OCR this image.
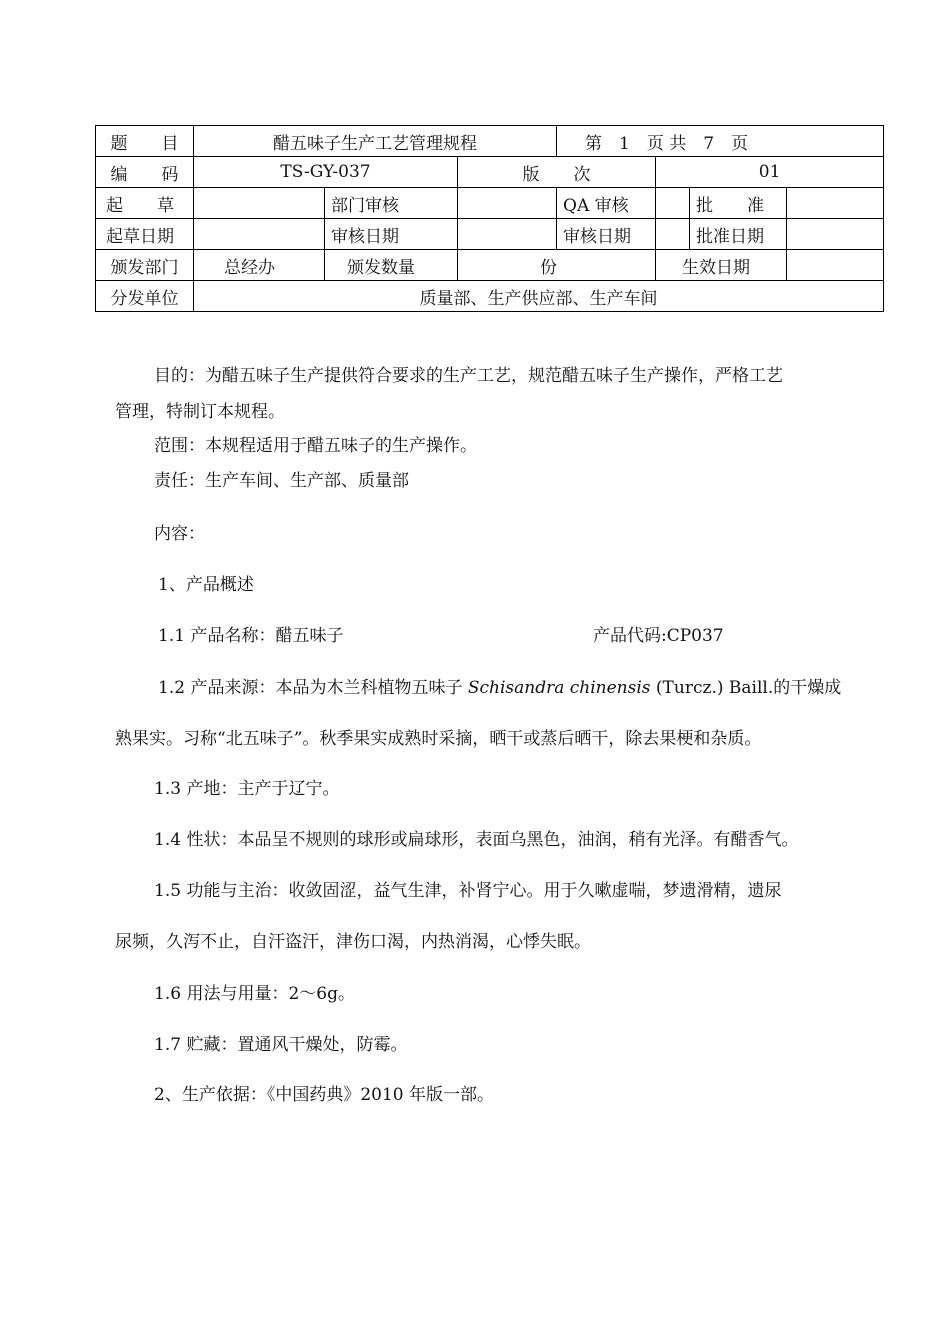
题　　目	醋五味子生产工艺管理规程			第　1　页 共　7　页			
编　　码	TS-GY-037		版　　次		01		
起　　草		部门审核		QA 审核		批　　准	
起草日期		审核日期		审核日期		批准日期	
颁发部门	总经办	颁发数量	份		生效日期		
分发单位	质量部、生产供应部、生产车间						
目的：为醋五味子生产提供符合要求的生产工艺，规范醋五味子生产操作，严格工艺
管理，特制订本规程。
范围：本规程适用于醋五味子的生产操作。
责任：生产车间、生产部、质量部
内容：
1、产品概述
1.1 产品名称：醋五味子	产品代码:CP037
1.2 产品来源：本品为木兰科植物五味子 Schisandra chinensis (Turcz.) Baill.的干燥成
熟果实。习称“北五味子”。秋季果实成熟时采摘，晒干或蒸后晒干，除去果梗和杂质。
1.3 产地：主产于辽宁。
1.4 性状：本品呈不规则的球形或扁球形，表面乌黑色，油润，稍有光泽。有醋香气。
1.5 功能与主治：收敛固涩，益气生津，补肾宁心。用于久嗽虚喘，梦遗滑精，遗尿
尿频，久泻不止，自汗盗汗，津伤口渴，内热消渴，心悸失眠。
1.6 用法与用量：2～6g。
1.7 贮藏：置通风干燥处，防霉。
2、生产依据：《中国药典》2010 年版一部。
